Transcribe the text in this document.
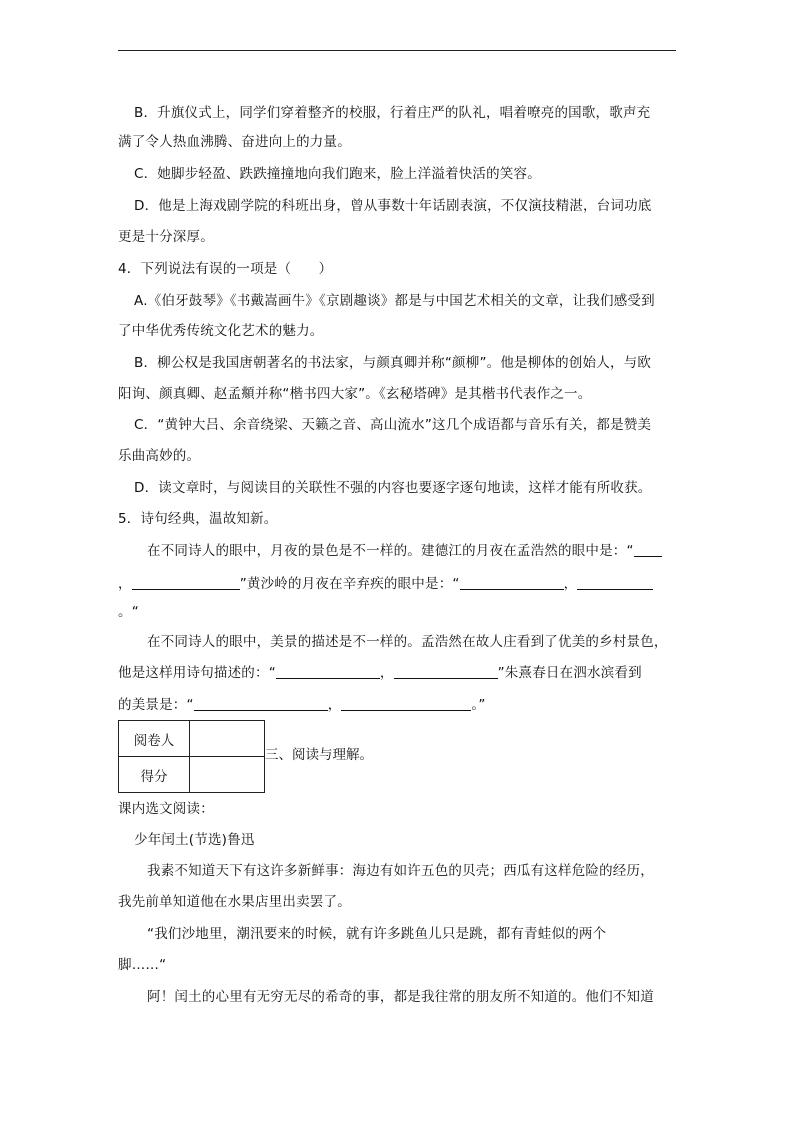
B．升旗仪式上，同学们穿着整齐的校服，行着庄严的队礼，唱着嘹亮的国歌，歌声充
满了令人热血沸腾、奋进向上的力量。
C．她脚步轻盈、跌跌撞撞地向我们跑来，脸上洋溢着快活的笑容。
D．他是上海戏剧学院的科班出身，曾从事数十年话剧表演，不仅演技精湛，台词功底
更是十分深厚。
4．下列说法有误的一项是（　　）
A.《伯牙鼓琴》《书戴嵩画牛》《京剧趣谈》都是与中国艺术相关的文章，让我们感受到
了中华优秀传统文化艺术的魅力。
B．柳公权是我国唐朝著名的书法家，与颜真卿并称“颜柳”。他是柳体的创始人，与欧
阳询、颜真卿、赵孟頫并称“楷书四大家”。《玄秘塔碑》是其楷书代表作之一。
C．“黄钟大吕、余音绕梁、天籁之音、高山流水”这几个成语都与音乐有关，都是赞美
乐曲高妙的。
D．读文章时，与阅读目的关联性不强的内容也要逐字逐句地读，这样才能有所收获。
5．诗句经典，温故知新。
在不同诗人的眼中，月夜的景色是不一样的。建德江的月夜在孟浩然的眼中是：“
，	”黄沙岭的月夜在辛弃疾的眼中是：“	，
。“
在不同诗人的眼中，美景的描述是不一样的。孟浩然在故人庄看到了优美的乡村景色，
他是这样用诗句描述的：“	，	”朱熹春日在泗水滨看到
的美景是：“	，	。”
阅卷人	
得分	
三、阅读与理解。
课内选文阅读：
少年闰土(节选)鲁迅
我素不知道天下有这许多新鲜事：海边有如许五色的贝壳；西瓜有这样危险的经历，
我先前单知道他在水果店里出卖罢了。
“我们沙地里，潮汛要来的时候，就有许多跳鱼儿只是跳，都有青蛙似的两个
脚……“
阿！闰土的心里有无穷无尽的希奇的事，都是我往常的朋友所不知道的。他们不知道
